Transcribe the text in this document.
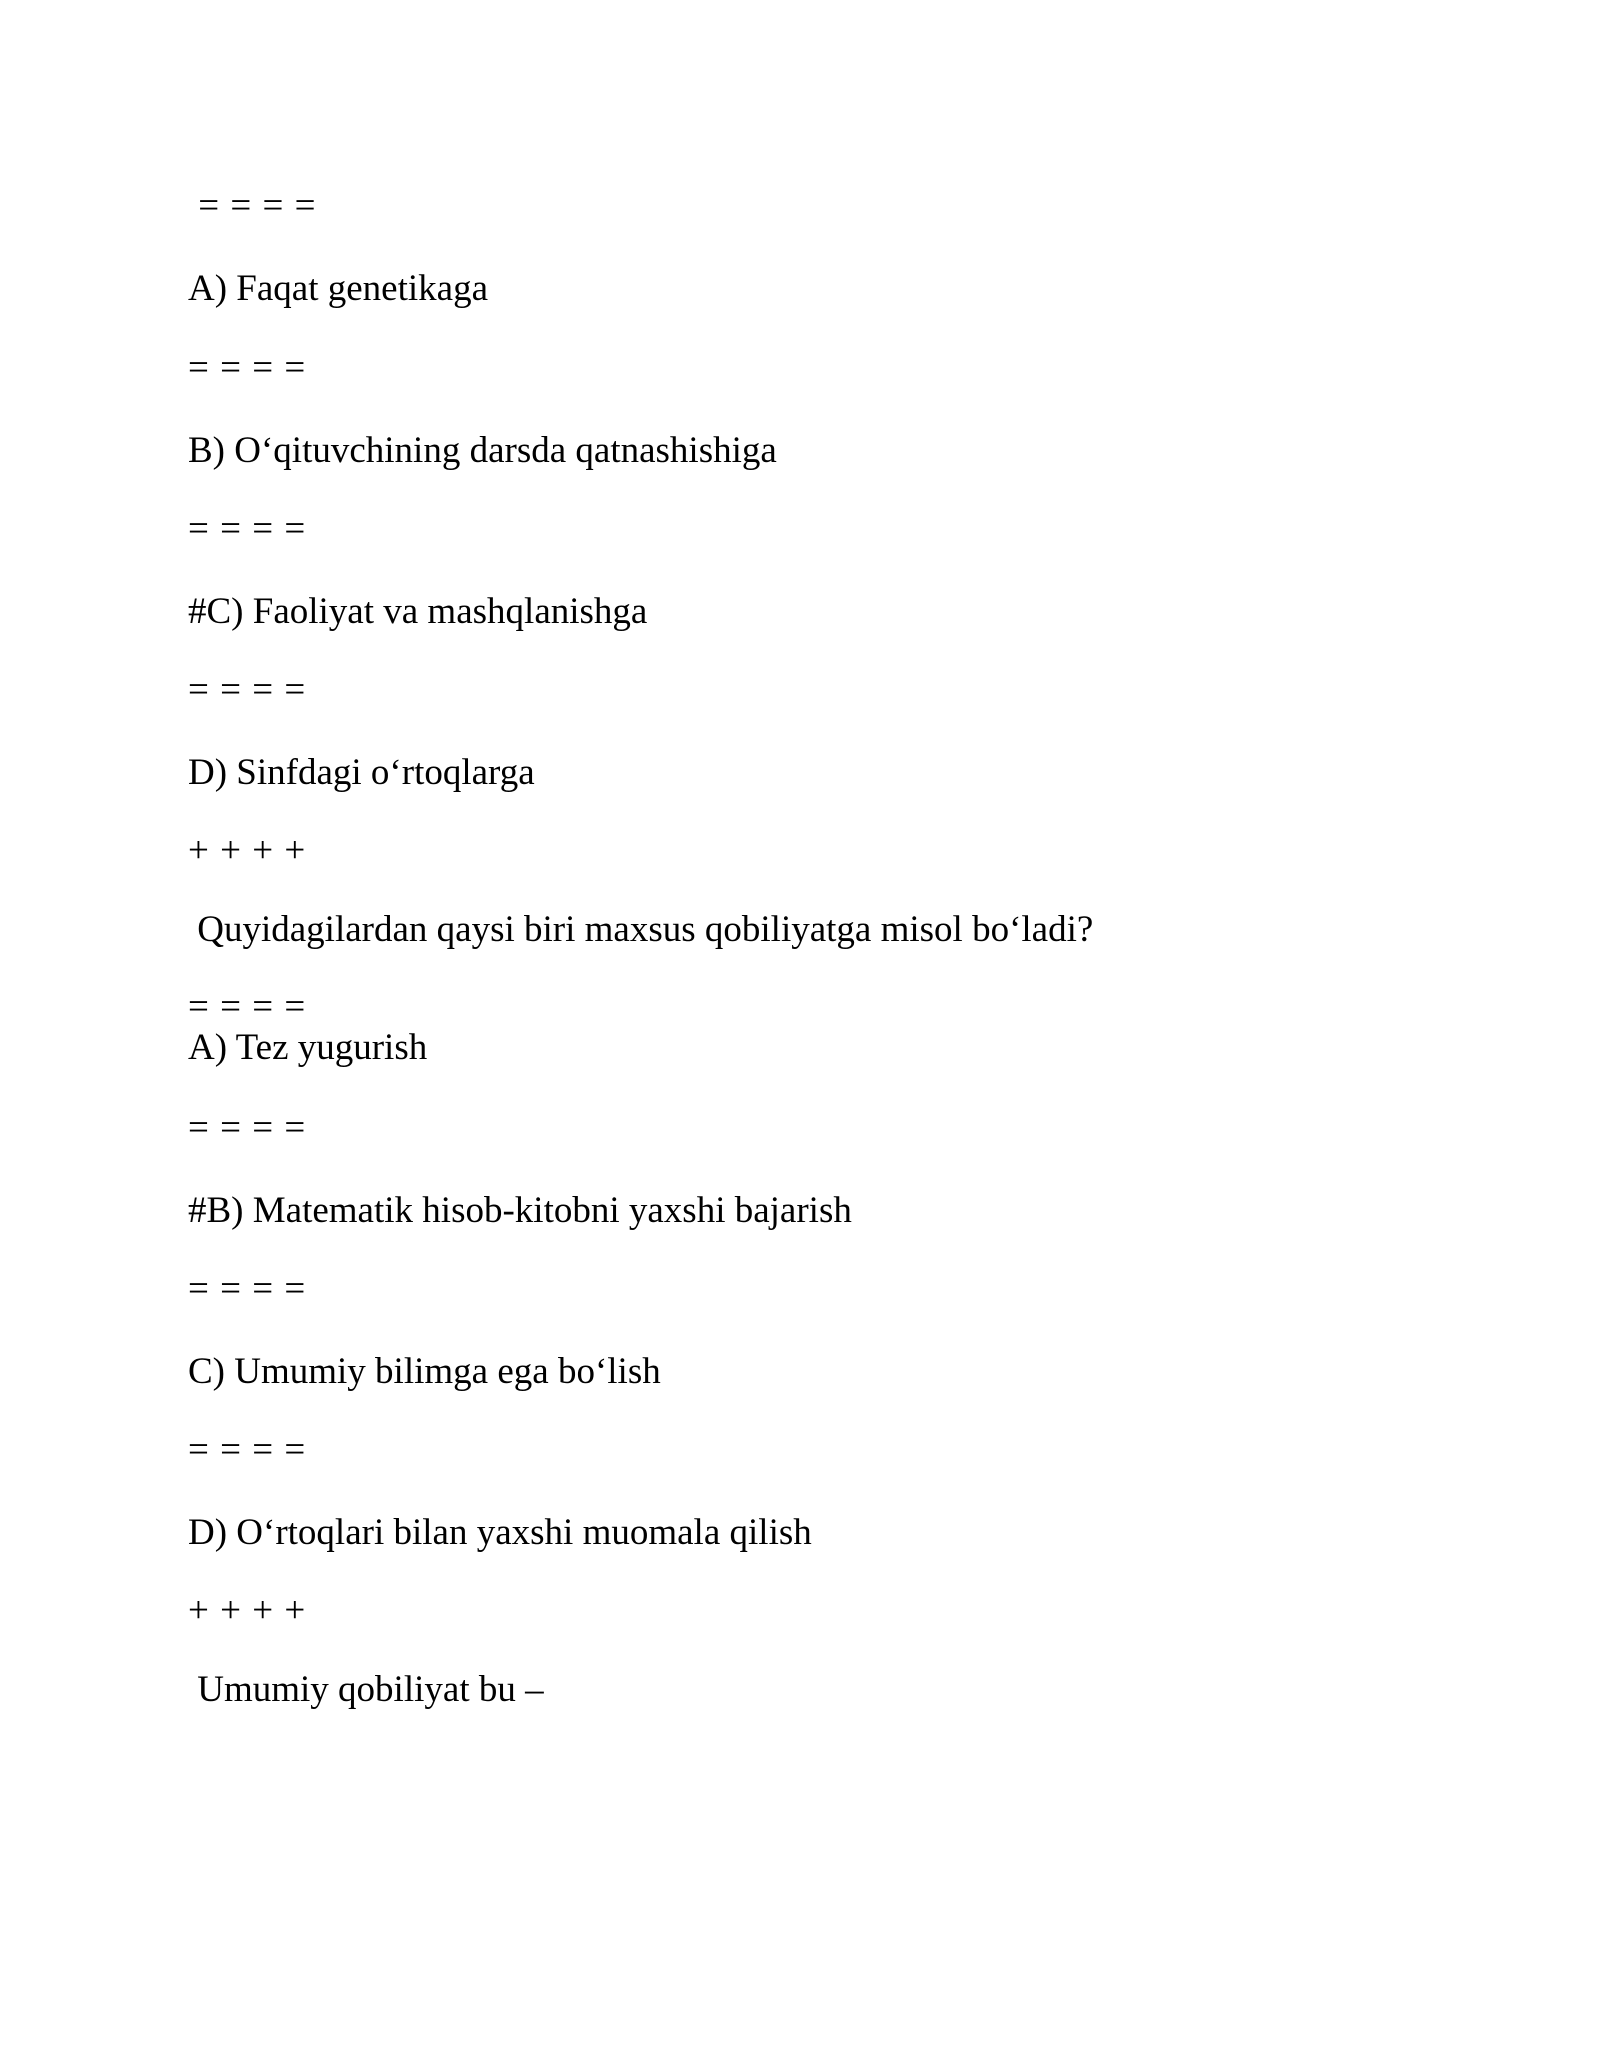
= = = =

A) Faqat genetikaga

= = = =

B) O‘qituvchining darsda qatnashishiga

= = = =

#C) Faoliyat va mashqlanishga

= = = =

D) Sinfdagi o‘rtoqlarga

+ + + +

Quyidagilardan qaysi biri maxsus qobiliyatga misol bo‘ladi?

= = = =

A) Tez yugurish

= = = =

#B) Matematik hisob-kitobni yaxshi bajarish

= = = =

C) Umumiy bilimga ega bo‘lish

= = = =

D) O‘rtoqlari bilan yaxshi muomala qilish

+ + + +

Umumiy qobiliyat bu –
